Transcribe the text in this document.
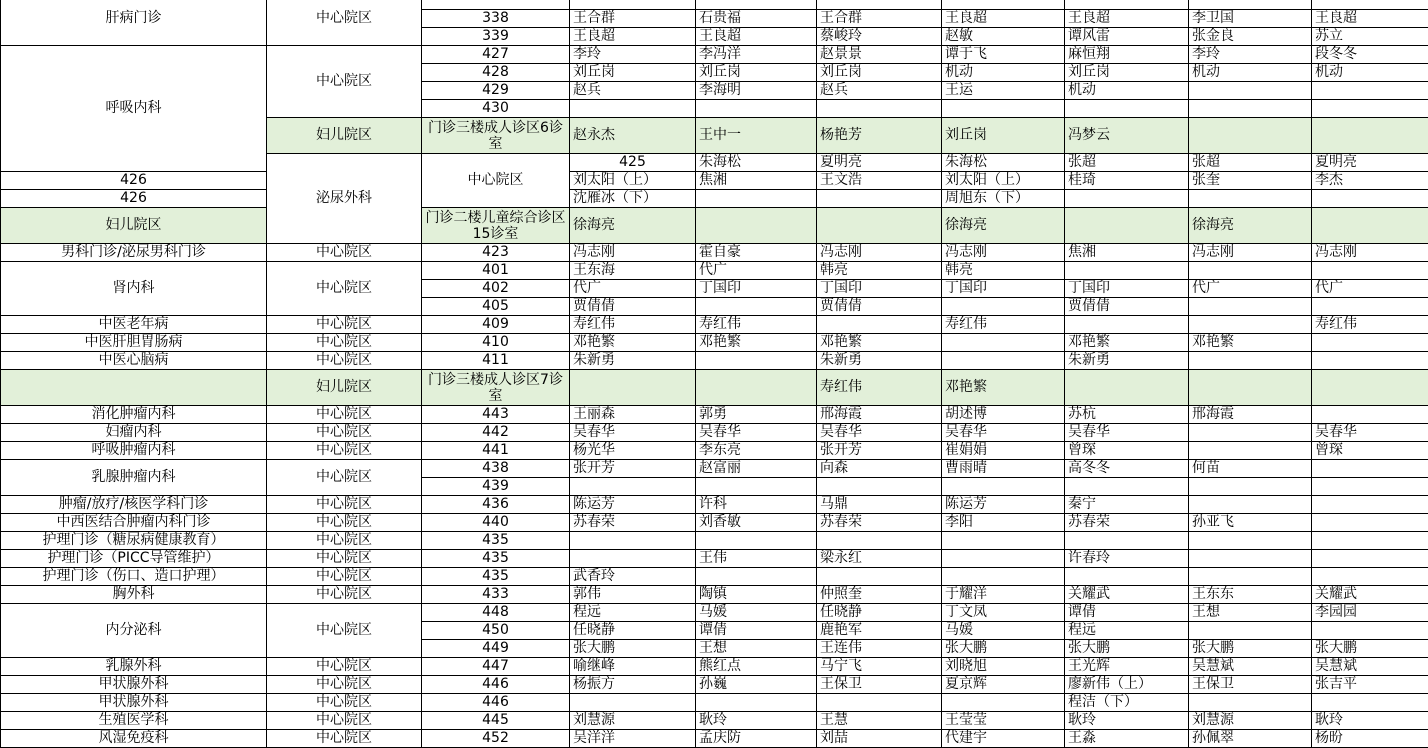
肝病门诊	中心院区									
		338	王合群	石贵福	王合群	王良超	王良超	李卫国	王良超	
		339	王良超	王良超	蔡峻玲	赵敏	谭风雷	张金良	苏立	
呼吸内科	中心院区	427	李玲	李冯洋	赵景景	谭于飞	麻恒翔	李玲	段冬冬	
		428	刘丘岗	刘丘岗	刘丘岗	机动	刘丘岗	机动	机动	
		429	赵兵	李海明	赵兵	王运	机动			
		430								
	妇儿院区	门诊三楼成人诊区6诊室	赵永杰	王中一	杨艳芳	刘丘岗	冯梦云			
	泌尿外科	中心院区	425	朱海松	夏明亮	朱海松	张超	张超	夏明亮	
426			刘太阳（上）	焦湘	王文浩	刘太阳（上）	桂琦	张奎	李杰	
426			沈雁冰（下）			周旭东（下）				
妇儿院区		门诊二楼儿童综合诊区15诊室	徐海亮			徐海亮		徐海亮		
男科门诊/泌尿男科门诊	中心院区	423	冯志刚	霍自豪	冯志刚	冯志刚	焦湘	冯志刚	冯志刚	
肾内科	中心院区	401	王东海	代广	韩亮	韩亮				
		402	代广	丁国印	丁国印	丁国印	丁国印	代广	代广	
		405	贾倩倩		贾倩倩		贾倩倩			
中医老年病	中心院区	409	寿红伟	寿红伟		寿红伟			寿红伟	
中医肝胆胃肠病	中心院区	410	邓艳繁	邓艳繁	邓艳繁		邓艳繁	邓艳繁		
中医心脑病	中心院区	411	朱新勇		朱新勇		朱新勇			
	妇儿院区	门诊三楼成人诊区7诊室			寿红伟	邓艳繁				
消化肿瘤内科	中心院区	443	王丽森	郭勇	邢海霞	胡述博	苏杭	邢海霞		
妇瘤内科	中心院区	442	吴春华	吴春华	吴春华	吴春华	吴春华		吴春华	
呼吸肿瘤内科	中心院区	441	杨光华	李东亮	张开芳	崔娟娟	曾琛		曾琛	
乳腺肿瘤内科	中心院区	438	张开芳	赵富丽	向森	曹雨晴	高冬冬	何苗		
		439								
肿瘤/放疗/核医学科门诊	中心院区	436	陈运芳	许科	马鼎	陈运芳	秦宁			
中西医结合肿瘤内科门诊	中心院区	440	苏春荣	刘香敏	苏春荣	李阳	苏春荣	孙亚飞		
护理门诊（糖尿病健康教育）	中心院区	435								
护理门诊（PICC导管维护）	中心院区	435		王伟	梁永红		许春玲			
护理门诊（伤口、造口护理）	中心院区	435	武香玲							
胸外科	中心院区	433	郭伟	陶镇	仲照奎	于耀洋	关耀武	王东东	关耀武	
内分泌科	中心院区	448	程远	马媛	任晓静	丁文凤	谭倩	王想	李园园	
		450	任晓静	谭倩	鹿艳军	马媛	程远			
		449	张大鹏	王想	王连伟	张大鹏	张大鹏	张大鹏	张大鹏	
乳腺外科	中心院区	447	喻继峰	熊红点	马宁飞	刘晓旭	王光辉	吴慧斌	吴慧斌	
甲状腺外科	中心院区	446	杨振方	孙巍	王保卫	夏京辉	廖新伟（上）	王保卫	张吉平	
甲状腺外科	中心院区	446					程洁（下）			
生殖医学科	中心院区	445	刘慧源	耿玲	王慧	王莹莹	耿玲	刘慧源	耿玲	
风湿免疫科	中心院区	452	吴洋洋	孟庆防	刘喆	代建宇	王淼	孙佩翠	杨昐	
